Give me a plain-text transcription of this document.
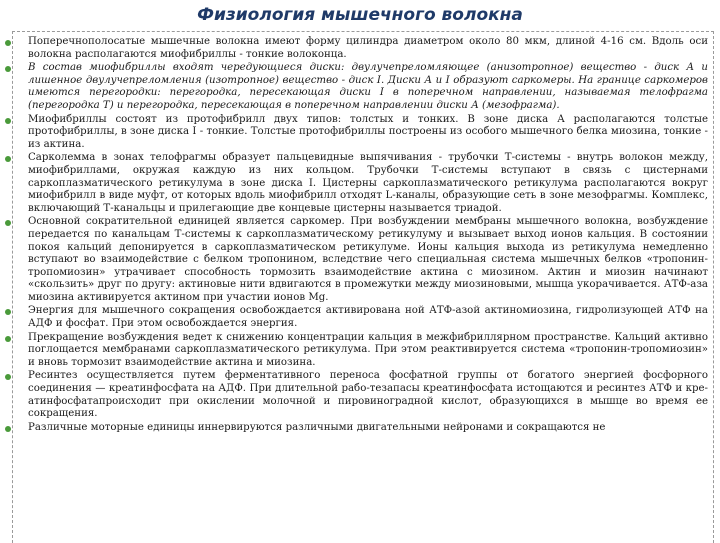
Физиология мышечного волокна
Поперечнополосатые мышечные волокна имеют форму цилиндра диаметром около 80 мкм, длиной 4-16 см. Вдоль оси волокна располагаются миофибриллы - тонкие волоконца.
В состав миофибриллы входят чередующиеся диски: двулучепреломляющее (анизотропное) вещество - диск А и лишенное двулучепреломления (изотропное) вещество - диск I. Диски А и I образуют саркомеры. На границе саркомеров имеются перегородки: перегородка, пересекающая диски I в поперечном направлении, называемая телофрагма (перегородка Т) и перегородка, пересекающая в поперечном направлении диски А (мезофрагма).
Миофибриллы состоят из протофибрилл двух типов: толстых и тонких. В зоне диска А располагаются толстые протофибриллы, в зоне диска I - тонкие. Толстые протофибриллы построены из особого мышечного белка миозина, тонкие - из актина.
Сарколемма в зонах телофрагмы образует пальцевидные выпячивания - трубочки Т-системы - внутрь волокон между, миофибриллами, окружая каждую из них кольцом. Трубочки Т-системы вступают в связь с цистернами саркоплазматического ретикулума в зоне диска I. Цистерны саркоплазматического ретикулума располагаются вокруг миофибрилл в виде муфт, от которых вдоль миофибрилл отходят L-каналы, образующие сеть в зоне мезофрагмы. Комплекс, включающий Т-канальцы и прилегающие две концевые цистерны называется триадой.
Основной сократительной единицей является саркомер. При возбуждении мембраны мышечного волокна, возбуждение передается по канальцам Т-системы к саркоплазматическому ретикулуму и вызывает выход ионов кальция. В состоянии покоя кальций депонируется в саркоплазматическом ретикулуме. Ионы кальция выхода из ретикулума немедленно вступают во взаимодействие с белком тропонином, вследствие чего специальная система мышечных белков «тропонин-тропомиозин» утрачивает способность тормозить взаимодействие актина с миозином. Актин и миозин начинают «скользить» друг по другу: актиновые нити вдвигаются в промежутки между миозиновыми, мышца укорачивается. АТФ-аза миозина активируется актином при участии ионов Mg.
Энергия для мышечного сокращения освобождается активирована ной АТФ-азой актиномиозина, гидролизующей АТФ на АДФ и фосфат. При этом освобождается энергия.
Прекращение возбуждения ведет к снижению концентрации кальция в межфибриллярном пространстве. Кальций активно поглощается мембранами саркоплазматического ретикулума. При этом реактивируется система «тропонин-тропомиозин» и вновь тормозит взаимодействие актина и миозина.
Ресинтез осуществляется путем ферментативного переноса фосфатной группы от богатого энергией фосфорного соединения — креатинфосфата на АДФ. При длительной рабо-тезапасы креатинфосфата истощаются и ресинтез АТФ и кре-атинфосфатапроисходит при окислении молочной и пировиноградной кислот, образующихся в мышце во время ее сокращения.
Различные моторные единицы иннервируются различными двигательными нейронами и сокращаются не
